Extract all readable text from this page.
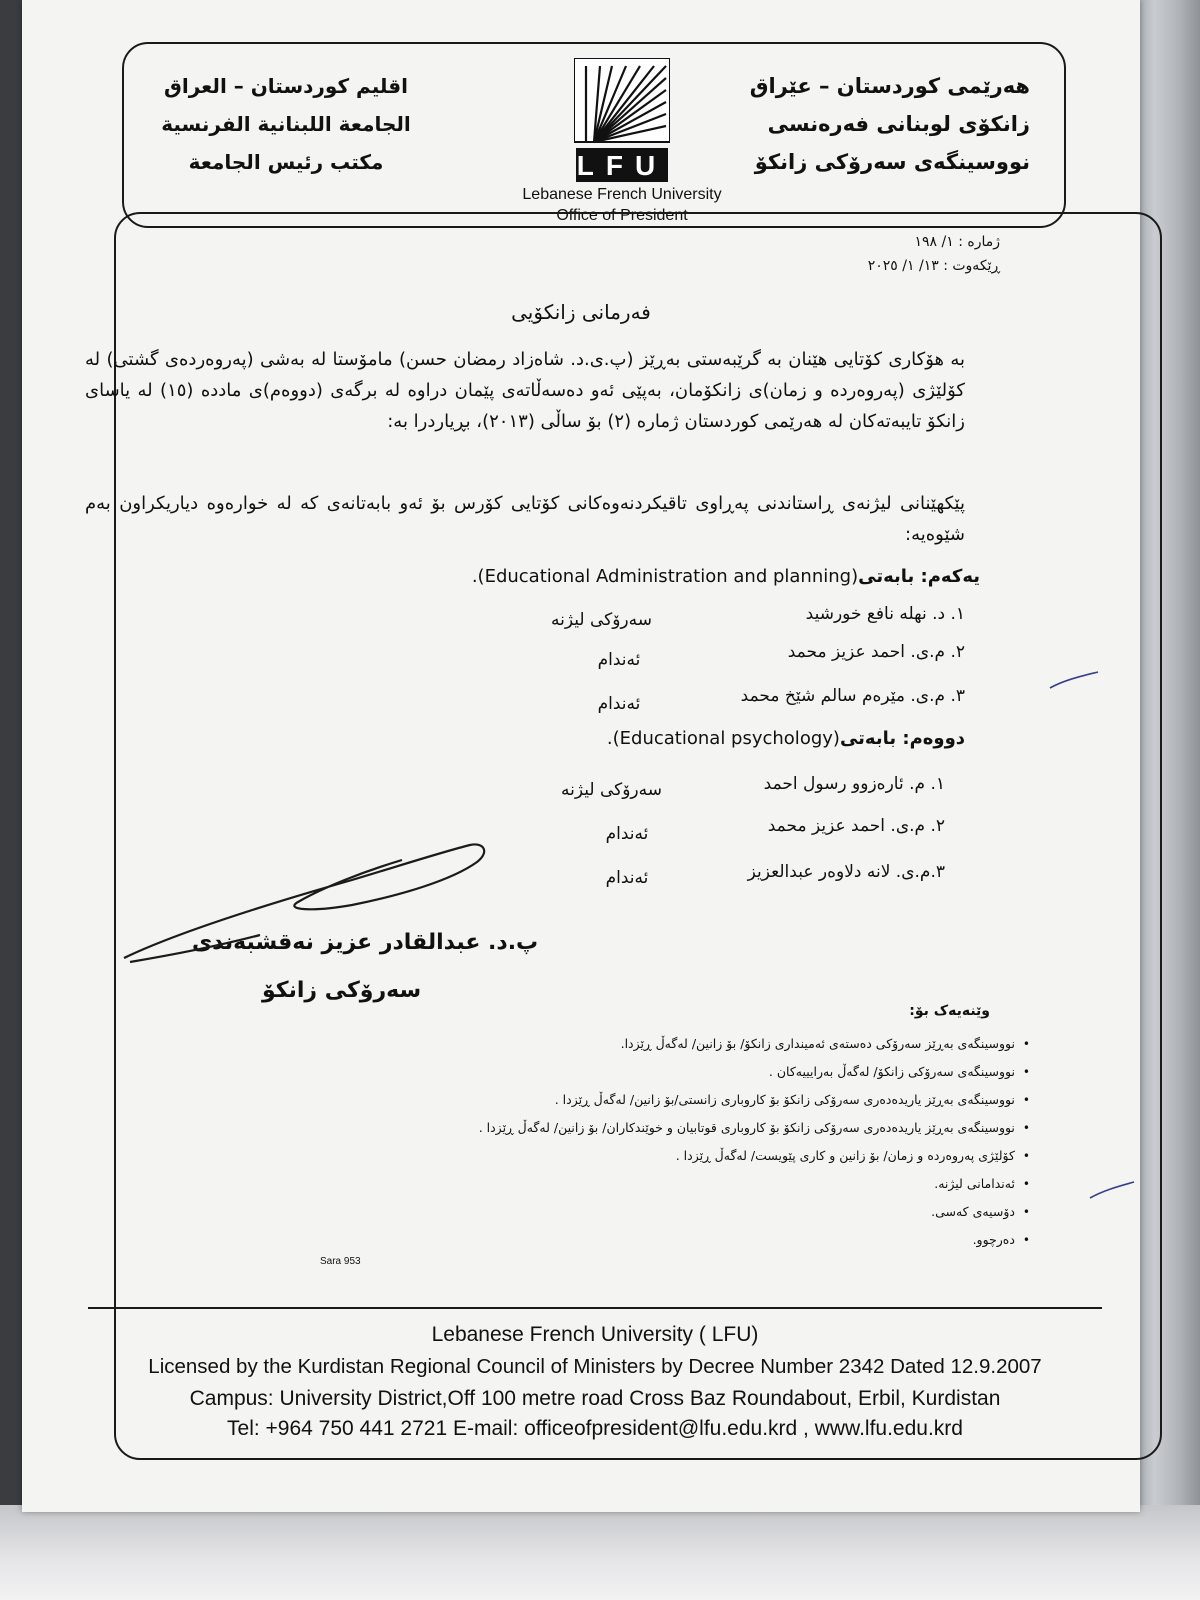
اقليم كوردستان – العراق
الجامعة اللبنانية الفرنسية
مكتب رئيس الجامعة	LFU
Lebanese French University
Office of President
هەرێمی کوردستان – عێراق
زانکۆی لوبنانی فەرەنسی
نووسینگەی سەرۆکی زانکۆ
ژمارە : ١/ ١٩٨
ڕێکەوت : ١٣/ ١/ ٢٠٢٥
فەرمانی زانکۆیی

بە هۆکاری کۆتایی هێنان بە گرێبەستی بەڕێز (پ.ی.د. شاەزاد رمضان حسن) مامۆستا لە بەشی (پەروەردەی گشتی) لە کۆلێژی (پەروەردە و زمان)ی زانکۆمان، بەپێی ئەو دەسەڵاتەی پێمان دراوە لە برگەی (دووەم)ی مادده (١٥) لە یاسای زانکۆ تایبەتەکان لە هەرێمی کوردستان ژمارە (٢) بۆ ساڵی (٢٠١٣)، بڕیاردرا بە:

پێکهێنانی لیژنەی ڕاستاندنی پەڕاوی تاقیکردنەوەکانی کۆتایی کۆرس بۆ ئەو بابەتانەی کە لە خوارەوە دیاریکراون بەم شێوەیە:

یەکەم: بابەتی(Educational Administration and planning).
١. د. نهله نافع خورشيد
سەرۆکی لیژنە
٢. م.ی. احمد عزیز محمد
ئەندام
٣. م.ی. مێرەم سالم شێخ محمد
ئەندام
دووەم: بابەتی(Educational psychology).
١. م. ئارەزوو رسول احمد
سەرۆکی لیژنە
٢. م.ی. احمد عزیز محمد
ئەندام
٣.م.ی. لانە دلاوەر عبدالعزیز
ئەندام
پ.د. عبدالقادر عزیز نەقشبەندی
سەرۆکی زانکۆ
وێنەیەک بۆ:
• نووسینگەی بەڕێز سەرۆکی دەستەی ئەمینداری زانکۆ/ بۆ زانین/ لەگەڵ ڕێزدا.
• نووسینگەی سەرۆکی زانکۆ/ لەگەڵ بەرایییەکان .
• نووسینگەی بەڕێز یاریدەدەری سەرۆکی زانکۆ بۆ کاروباری زانستی/بۆ زانین/ لەگەڵ ڕێزدا .
• نووسینگەی بەڕێز یاریدەدەری سەرۆکی زانکۆ بۆ کاروباری قوتابیان و خوێندکاران/ بۆ زانین/ لەگەڵ ڕێزدا .
• کۆلێژی پەروەردە و زمان/ بۆ زانین و کاری پێویست/ لەگەڵ ڕێزدا .
• ئەندامانی لیژنە.
• دۆسیەی کەسی.
• دەرچوو.
Sara 953
Lebanese French University ( LFU)
Licensed by the Kurdistan Regional Council of Ministers by Decree Number 2342 Dated 12.9.2007
Campus: University District,Off 100 metre road Cross Baz Roundabout, Erbil, Kurdistan
Tel: +964 750 441 2721 E-mail: officeofpresident@lfu.edu.krd , www.lfu.edu.krd
